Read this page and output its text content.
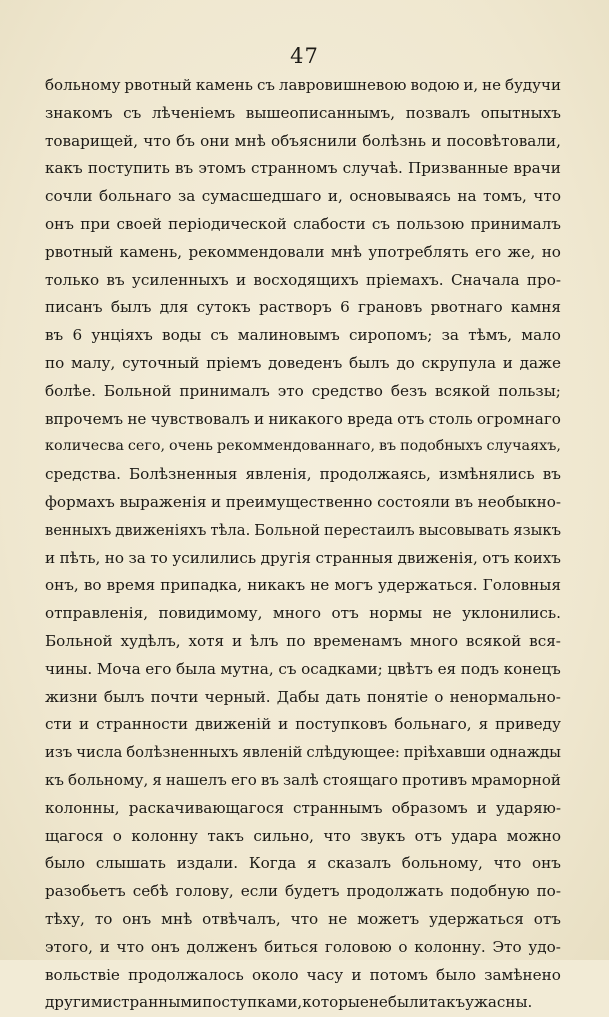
47
больному рвотный камень съ лавровишневою водою и, не будучи
знакомъ съ лѣченіемъ вышеописаннымъ, позвалъ опытныхъ
товарищей, что бъ они мнѣ объяснили болѣзнь и посовѣтовали,
какъ поступить въ этомъ странномъ случаѣ. Призванные врачи
сочли больнаго за сумасшедшаго и, основываясь на томъ, что
онъ при своей періодической слабости съ пользою принималъ
рвотный камень, рекоммендовали мнѣ употреблять его же, но
только въ усиленныхъ и восходящихъ пріемахъ. Сначала про-
писанъ былъ для сутокъ растворъ 6 грановъ рвотнаго камня
въ 6 унціяхъ воды съ малиновымъ сиропомъ; за тѣмъ, мало
по малу, суточный пріемъ доведенъ былъ до скрупула и даже
болѣе. Больной принималъ это средство безъ всякой пользы;
впрочемъ не чувствовалъ и никакого вреда отъ столь огромнаго
количесва сего, очень рекоммендованнаго, въ подобныхъ случаяхъ,
средства. Болѣзненныя явленія, продолжаясь, измѣнялись въ
формахъ выраженія и преимущественно состояли въ необыкно-
венныхъ движеніяхъ тѣла. Больной перестаилъ высовывать языкъ
и пѣть, но за то усилились другія странныя движенія, отъ коихъ
онъ, во время припадка, никакъ не могъ удержаться. Головныя
отправленія, повидимому, много отъ нормы не уклонились.
Больной худѣлъ, хотя и ѣлъ по временамъ много всякой вся-
чины. Моча его была мутна, съ осадками; цвѣтъ ея подъ конецъ
жизни былъ почти черный. Дабы дать понятіе о ненормально-
сти и странности движеній и поступковъ больнаго, я приведу
изъ числа болѣзненныхъ явленій слѣдующее: пріѣхавши однажды
къ больному, я нашелъ его въ залѣ стоящаго противъ мраморной
колонны, раскачивающагося страннымъ образомъ и ударяю-
щагося о колонну такъ сильно, что звукъ отъ удара можно
было слышать издали. Когда я сказалъ больному, что онъ
разобьетъ себѣ голову, если будетъ продолжать подобную по-
тѣху, то онъ мнѣ отвѣчалъ, что не можетъ удержаться отъ
этого, и что онъ долженъ биться головою о колонну. Это удо-
вольствіе продолжалось около часу и потомъ было замѣнено
другими странными поступками, которые не были такъ ужасны.
